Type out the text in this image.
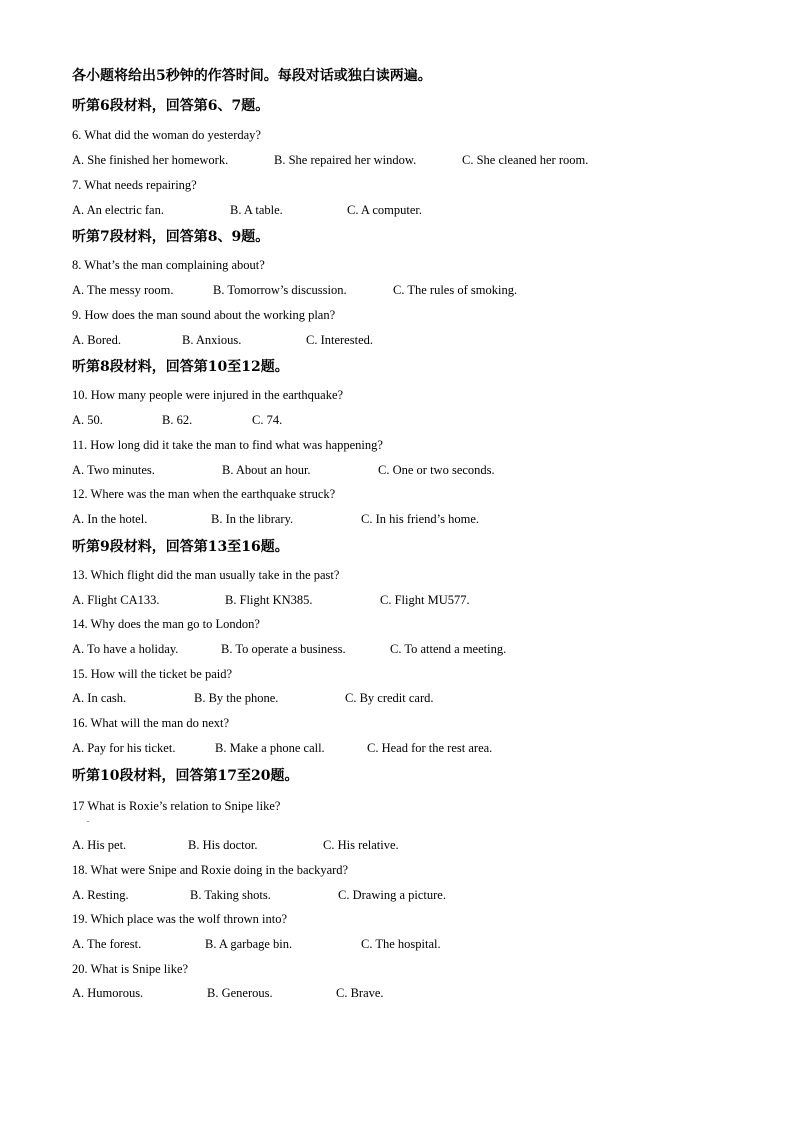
各小题将给出5秒钟的作答时间。每段对话或独白读两遍。
听第6段材料，回答第6、7题。
6. What did the woman do yesterday?
A. She finished her homework.	B. She repaired her window.	C. She cleaned her room.
7. What needs repairing?
A. An electric fan.	B. A table.	C. A computer.
听第7段材料，回答第8、9题。
8. What’s the man complaining about?
A. The messy room.	B. Tomorrow’s discussion.	C. The rules of smoking.
9. How does the man sound about the working plan?
A. Bored.	B. Anxious.	C. Interested.
听第8段材料，回答第10至12题。
10. How many people were injured in the earthquake?
A. 50.	B. 62.	C. 74.
11. How long did it take the man to find what was happening?
A. Two minutes.	B. About an hour.	C. One or two seconds.
12. Where was the man when the earthquake struck?
A. In the hotel.	B. In the library.	C. In his friend’s home.
听第9段材料，回答第13至16题。
13. Which flight did the man usually take in the past?
A. Flight CA133.	B. Flight KN385.	C. Flight MU577.
14. Why does the man go to London?
A. To have a holiday.	B. To operate a business.	C. To attend a meeting.
15. How will the ticket be paid?
A. In cash.	B. By the phone.	C. By credit card.
16. What will the man do next?
A. Pay for his ticket.	B. Make a phone call.	C. Head for the rest area.
听第10段材料，回答第17至20题。
17 What is Roxie’s relation to Snipe like?
.
A. His pet.	B. His doctor.	C. His relative.
18. What were Snipe and Roxie doing in the backyard?
A. Resting.	B. Taking shots.	C. Drawing a picture.
19. Which place was the wolf thrown into?
A. The forest.	B. A garbage bin.	C. The hospital.
20. What is Snipe like?
A. Humorous.	B. Generous.	C. Brave.
